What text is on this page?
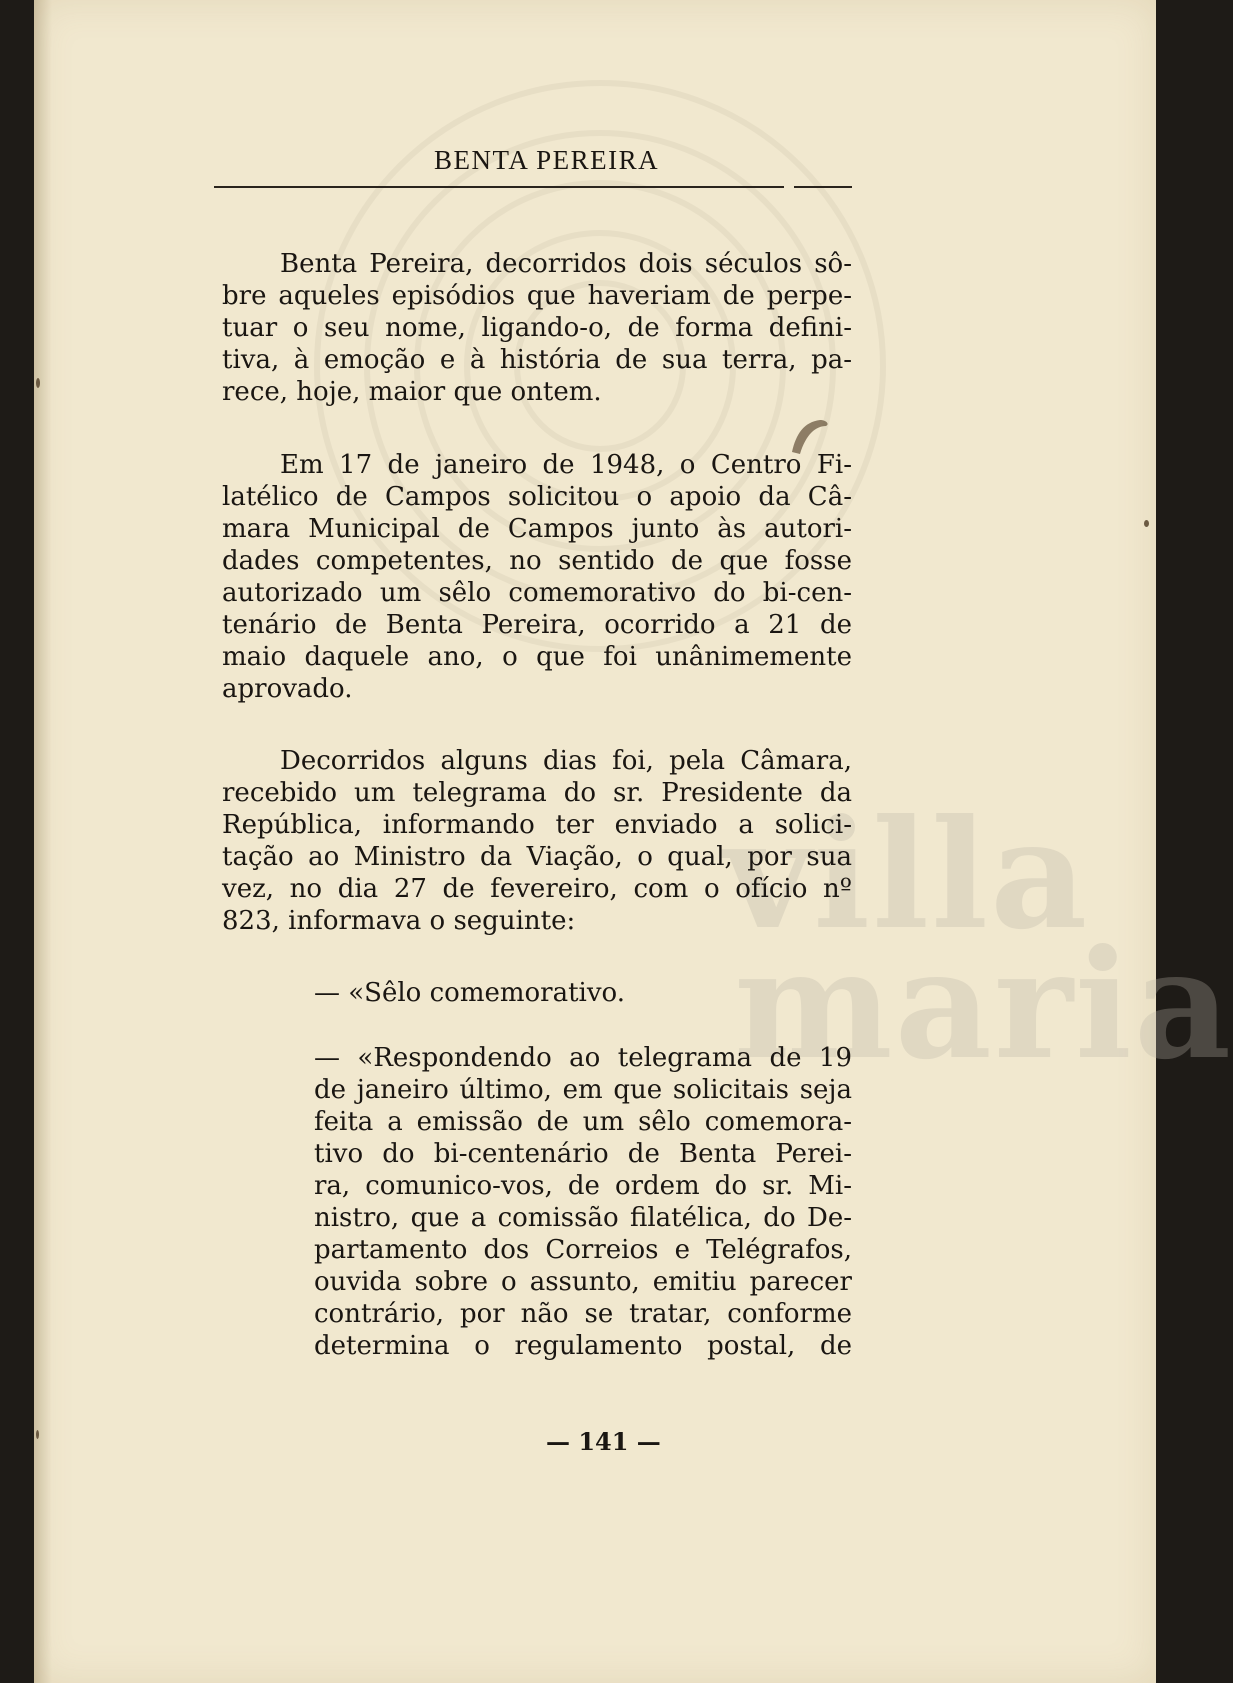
villa
maria
BENTA PEREIRA
Benta Pereira, decorridos dois séculos sô-
bre aqueles episódios que haveriam de perpe-
tuar o seu nome, ligando-o, de forma defini-
tiva, à emoção e à história de sua terra, pa-
rece, hoje, maior que ontem.
Em 17 de janeiro de 1948, o Centro Fi-
latélico de Campos solicitou o apoio da Câ-
mara Municipal de Campos junto às autori-
dades competentes, no sentido de que fosse
autorizado um sêlo comemorativo do bi-cen-
tenário de Benta Pereira, ocorrido a 21 de
maio daquele ano, o que foi unânimemente
aprovado.
Decorridos alguns dias foi, pela Câmara,
recebido um telegrama do sr. Presidente da
República, informando ter enviado a solici-
tação ao Ministro da Viação, o qual, por sua
vez, no dia 27 de fevereiro, com o ofício nº
823, informava o seguinte:
— «Sêlo comemorativo.
— «Respondendo ao telegrama de 19
de janeiro último, em que solicitais seja
feita a emissão de um sêlo comemora-
tivo do bi-centenário de Benta Perei-
ra, comunico-vos, de ordem do sr. Mi-
nistro, que a comissão filatélica, do De-
partamento dos Correios e Telégrafos,
ouvida sobre o assunto, emitiu parecer
contrário, por não se tratar, conforme
determina o regulamento postal, de
— 141 —
